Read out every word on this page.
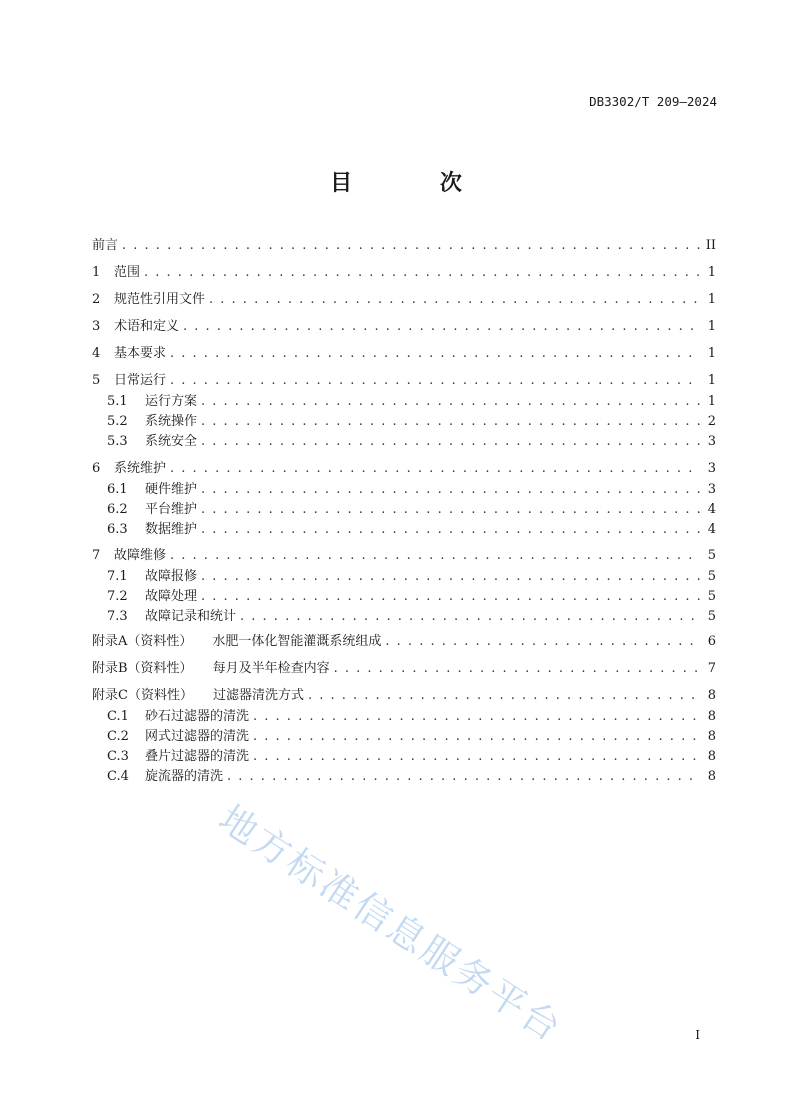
DB3302/T 209—2024
目 次
前言 . . .	II
1	范围 . . .	1
2	规范性引用文件 . . .	1
3	术语和定义 . . .	1
4	基本要求 . . .	1
5	日常运行 . . .	1
5.1	运行方案 . . .	1
5.2	系统操作 . . .	2
5.3	系统安全 . . .	3
6	系统维护 . . .	3
6.1	硬件维护 . . .	3
6.2	平台维护 . . .	4
6.3	数据维护 . . .	4
7	故障维修 . . .	5
7.1	故障报修 . . .	5
7.2	故障处理 . . .	5
7.3	故障记录和统计 . . .	5
附录A（资料性） 水肥一体化智能灌溉系统组成 . . .	6
附录B（资料性） 每月及半年检查内容 . . .	7
附录C（资料性） 过滤器清洗方式 . . .	8
C.1	砂石过滤器的清洗 . . .	8
C.2	网式过滤器的清洗 . . .	8
C.3	叠片过滤器的清洗 . . .	8
C.4	旋流器的清洗 . . .	8
地方标准信息服务平台	I
